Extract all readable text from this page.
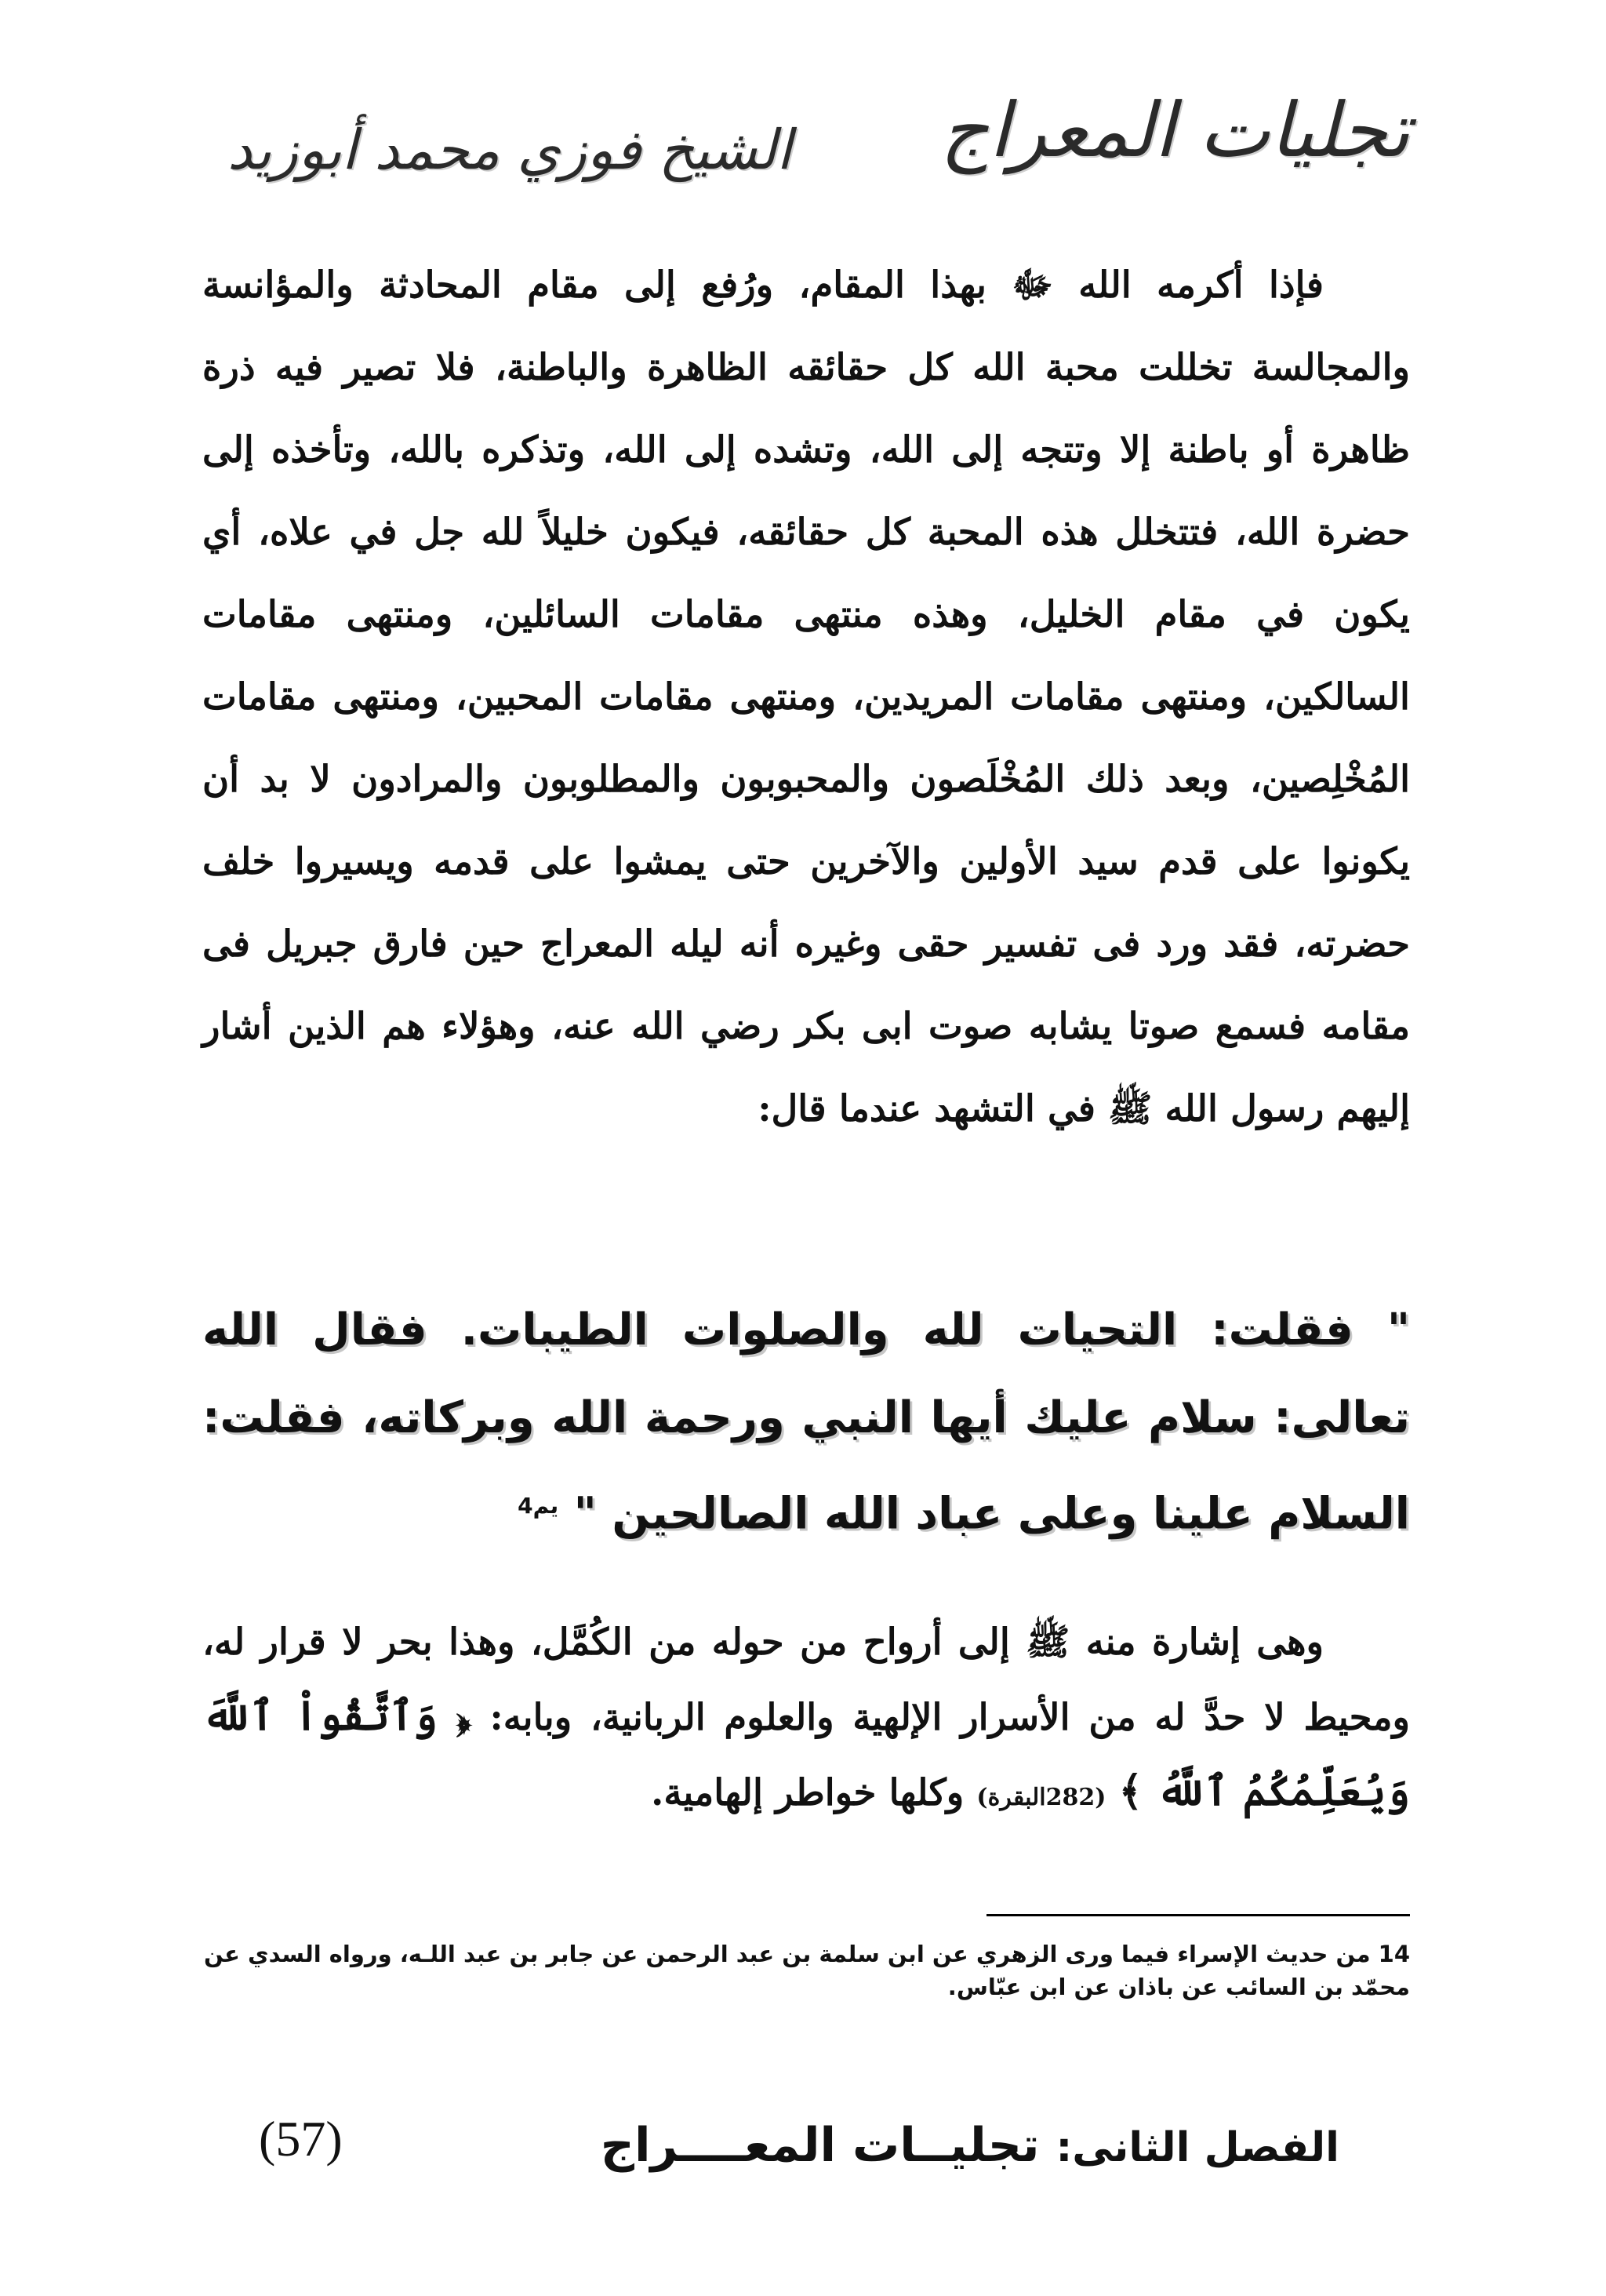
تجليات المعراج
الشيخ فوزي محمد أبوزيد

فإذا أكرمه الله ﷻ بهذا المقام، ورُفع إلى مقام المحادثة والمؤانسة والمجالسة تخللت محبة الله كل حقائقه الظاهرة والباطنة، فلا تصير فيه ذرة ظاهرة أو باطنة إلا وتتجه إلى الله، وتشده إلى الله، وتذكره بالله، وتأخذه إلى حضرة الله، فتتخلل هذه المحبة كل حقائقه، فيكون خليلاً لله جل في علاه، أي يكون في مقام الخليل، وهذه منتهى مقامات السائلين، ومنتهى مقامات السالكين، ومنتهى مقامات المريدين، ومنتهى مقامات المحبين، ومنتهى مقامات المُخْلِصين، وبعد ذلك المُخْلَصون والمحبوبون والمطلوبون والمرادون لا بد أن يكونوا على قدم سيد الأولين والآخرين حتى يمشوا على قدمه ويسيروا خلف حضرته، فقد ورد فى تفسير حقى وغيره أنه ليله المعراج حين فارق جبريل فى مقامه فسمع صوتا يشابه صوت ابى بكر رضي الله عنه، وهؤلاء هم الذين أشار إليهم رسول الله ﷺ في التشهد عندما قال:

" فقلت: التحيات لله والصلوات الطيبات. فقال الله تعالى: سلام عليك أيها النبي ورحمة الله وبركاته، فقلت: السلام علينا وعلى عباد الله الصالحين " $^{يم4}$

وهى إشارة منه ﷺ إلى أرواح من حوله من الكُمَّل، وهذا بحر لا قرار له، ومحيط لا حدَّ له من الأسرار الإلهية والعلوم الربانية، وبابه: ﴿ وَٱتَّقُواْ ٱللَّهَ وَيُعَلِّمُكُمُ ٱللَّهُ ﴾ (282البقرة) وكلها خواطر إلهامية.

14 من حديث الإسراء فيما ورى الزهري عن ابن سلمة بن عبد الرحمن عن جابر بن عبد اللـه، ورواه السدي عن محمّد بن السائب عن باذان عن ابن عبّاس.

الفصل الثانى: تجليــات المعــــراج
(57)
